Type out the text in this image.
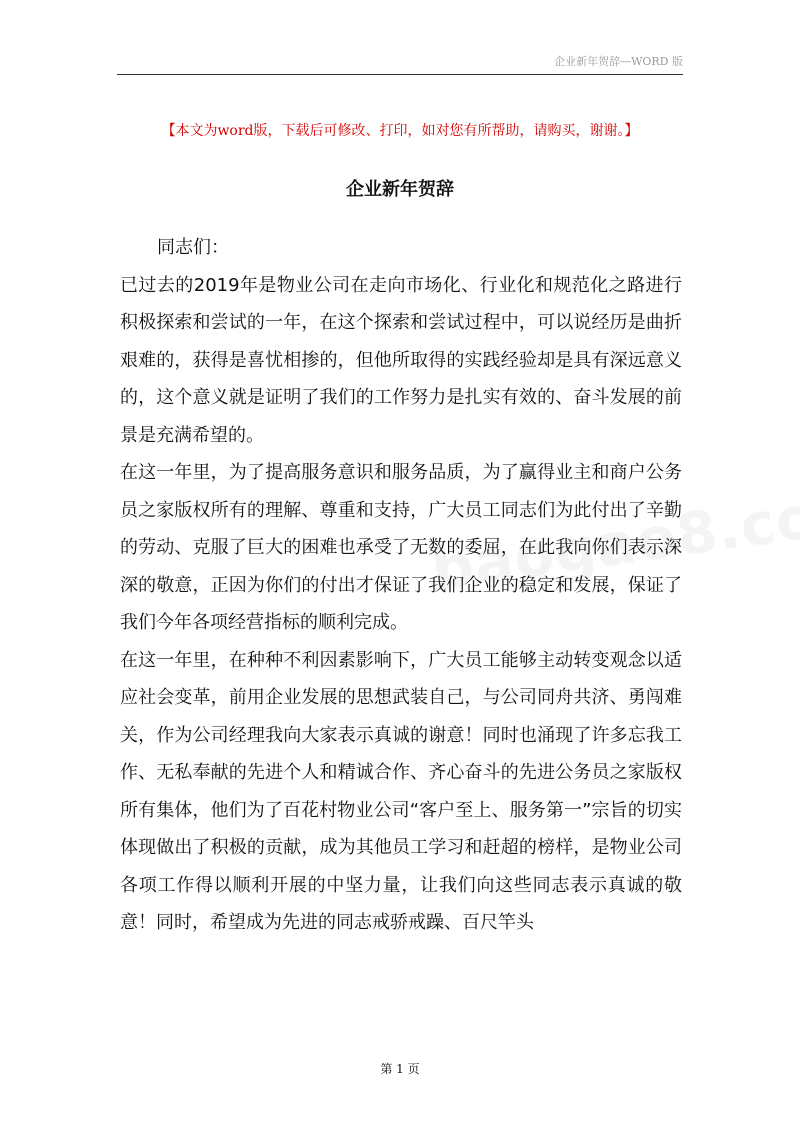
企业新年贺辞—WORD 版
【本文为word版，下载后可修改、打印，如对您有所帮助，请购买，谢谢。】
企业新年贺辞

同志们：

已过去的2019年是物业公司在走向市场化、行业化和规范化之路进行积极探索和尝试的一年，在这个探索和尝试过程中，可以说经历是曲折艰难的，获得是喜忧相掺的，但他所取得的实践经验却是具有深远意义的，这个意义就是证明了我们的工作努力是扎实有效的、奋斗发展的前景是充满希望的。

在这一年里，为了提高服务意识和服务品质，为了赢得业主和商户公务员之家版权所有的理解、尊重和支持，广大员工同志们为此付出了辛勤的劳动、克服了巨大的困难也承受了无数的委屈，在此我向你们表示深深的敬意，正因为你们的付出才保证了我们企业的稳定和发展，保证了我们今年各项经营指标的顺利完成。

在这一年里，在种种不利因素影响下，广大员工能够主动转变观念以适应社会变革，前用企业发展的思想武装自己，与公司同舟共济、勇闯难关，作为公司经理我向大家表示真诚的谢意！同时也涌现了许多忘我工作、无私奉献的先进个人和精诚合作、齐心奋斗的先进公务员之家版权所有集体，他们为了百花村物业公司“客户至上、服务第一”宗旨的切实体现做出了积极的贡献，成为其他员工学习和赶超的榜样，是物业公司各项工作得以顺利开展的中坚力量，让我们向这些同志表示真诚的敬意！同时，希望成为先进的同志戒骄戒躁、百尺竿头

第 1 页
